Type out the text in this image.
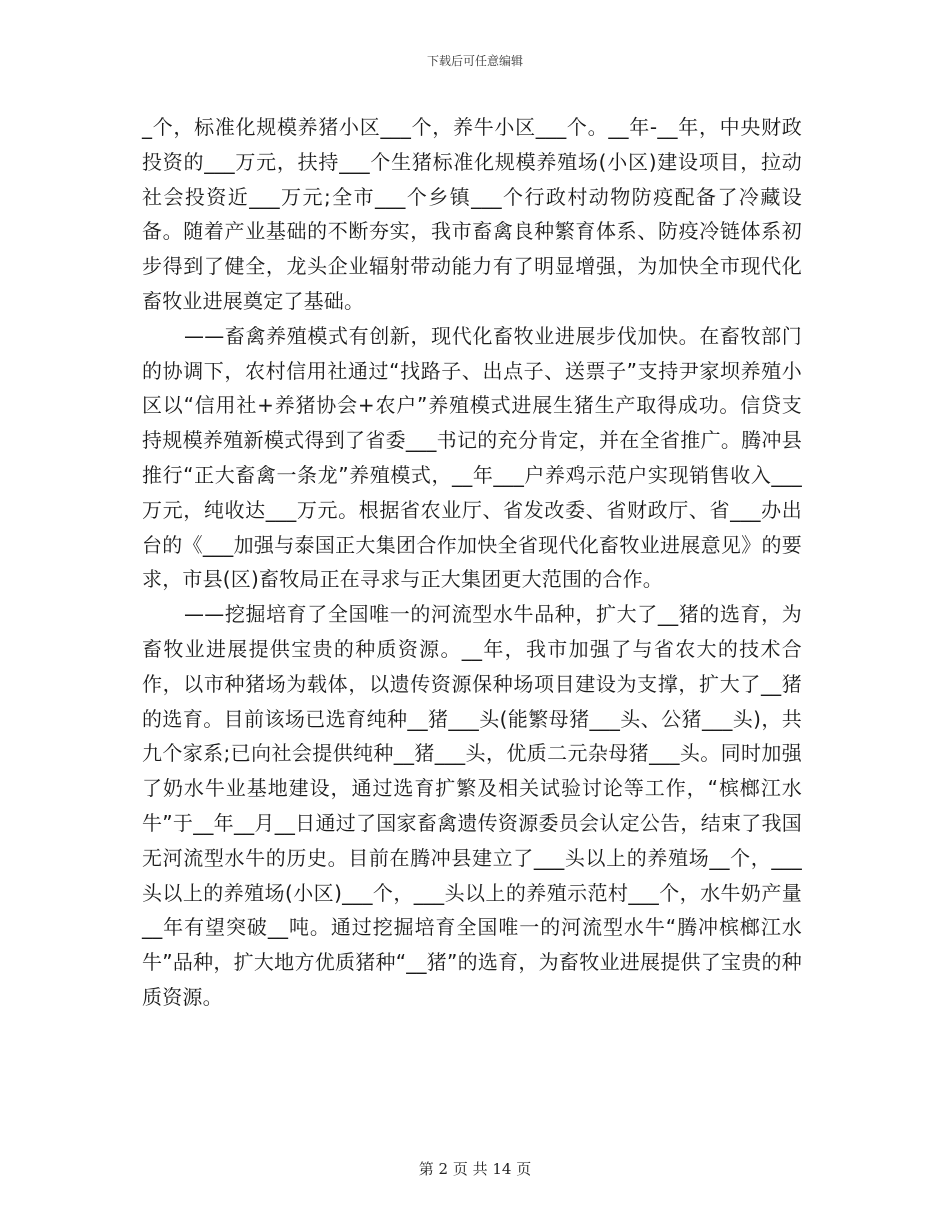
下载后可任意编辑

_个，标准化规模养猪小区___个，养牛小区___个。__年-__年，中央财政投资的___万元，扶持___个生猪标准化规模养殖场(小区)建设项目，拉动社会投资近___万元;全市___个乡镇___个行政村动物防疫配备了冷藏设备。随着产业基础的不断夯实，我市畜禽良种繁育体系、防疫冷链体系初步得到了健全，龙头企业辐射带动能力有了明显增强，为加快全市现代化畜牧业进展奠定了基础。

——畜禽养殖模式有创新，现代化畜牧业进展步伐加快。在畜牧部门的协调下，农村信用社通过“找路子、出点子、送票子”支持尹家坝养殖小区以“信用社+养猪协会+农户”养殖模式进展生猪生产取得成功。信贷支持规模养殖新模式得到了省委___书记的充分肯定，并在全省推广。腾冲县推行“正大畜禽一条龙”养殖模式，__年___户养鸡示范户实现销售收入___万元，纯收达___万元。根据省农业厅、省发改委、省财政厅、省___办出台的《___加强与泰国正大集团合作加快全省现代化畜牧业进展意见》的要求，市县(区)畜牧局正在寻求与正大集团更大范围的合作。

——挖掘培育了全国唯一的河流型水牛品种，扩大了__猪的选育，为畜牧业进展提供宝贵的种质资源。__年，我市加强了与省农大的技术合作，以市种猪场为载体，以遗传资源保种场项目建设为支撑，扩大了__猪的选育。目前该场已选育纯种__猪___头(能繁母猪___头、公猪___头)，共九个家系;已向社会提供纯种__猪___头，优质二元杂母猪___头。同时加强了奶水牛业基地建设，通过选育扩繁及相关试验讨论等工作，“槟榔江水牛”于__年__月__日通过了国家畜禽遗传资源委员会认定公告，结束了我国无河流型水牛的历史。目前在腾冲县建立了___头以上的养殖场__个，___头以上的养殖场(小区)___个，___头以上的养殖示范村___个，水牛奶产量__年有望突破__吨。通过挖掘培育全国唯一的河流型水牛“腾冲槟榔江水牛”品种，扩大地方优质猪种“__猪”的选育，为畜牧业进展提供了宝贵的种质资源。

第 2 页 共 14 页
